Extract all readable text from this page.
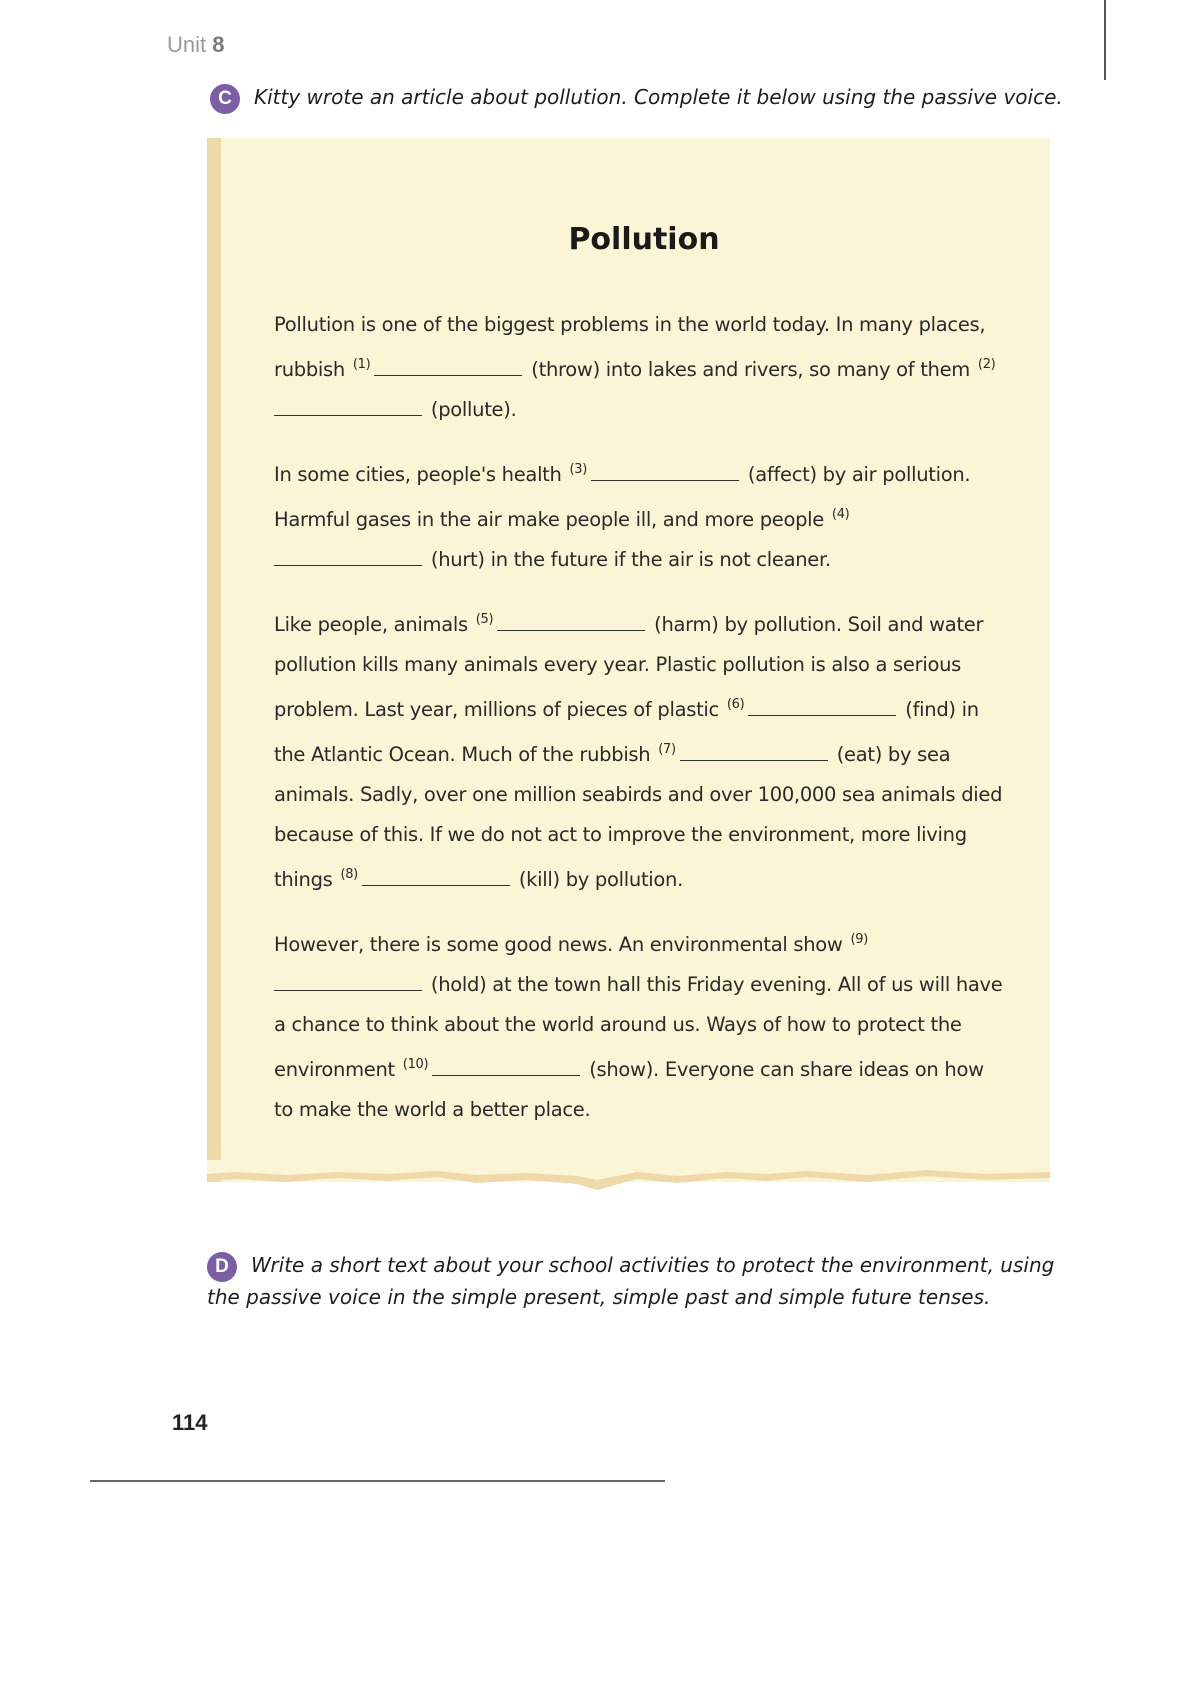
Unit 8
C Kitty wrote an article about pollution. Complete it below using the passive voice.
Pollution

Pollution is one of the biggest problems in the world today. In many places, rubbish $^{(1)}$	(throw) into lakes and rivers, so many of them $^{(2)}$ (pollute).

In some cities, people's health $^{(3)}$	(affect) by air pollution. Harmful gases in the air make people ill, and more people $^{(4)}$ (hurt) in the future if the air is not cleaner.

Like people, animals $^{(5)}$	(harm) by pollution. Soil and water pollution kills many animals every year. Plastic pollution is also a serious problem. Last year, millions of pieces of plastic $^{(6)}$	(find) in the Atlantic Ocean. Much of the rubbish $^{(7)}$	(eat) by sea animals. Sadly, over one million seabirds and over 100,000 sea animals died because of this. If we do not act to improve the environment, more living things $^{(8)}$	(kill) by pollution.

However, there is some good news. An environmental show $^{(9)}$ (hold) at the town hall this Friday evening. All of us will have a chance to think about the world around us. Ways of how to protect the environment $^{(10)}$	(show). Everyone can share ideas on how to make the world a better place.

D Write a short text about your school activities to protect the environment, using the passive voice in the simple present, simple past and simple future tenses.
114
